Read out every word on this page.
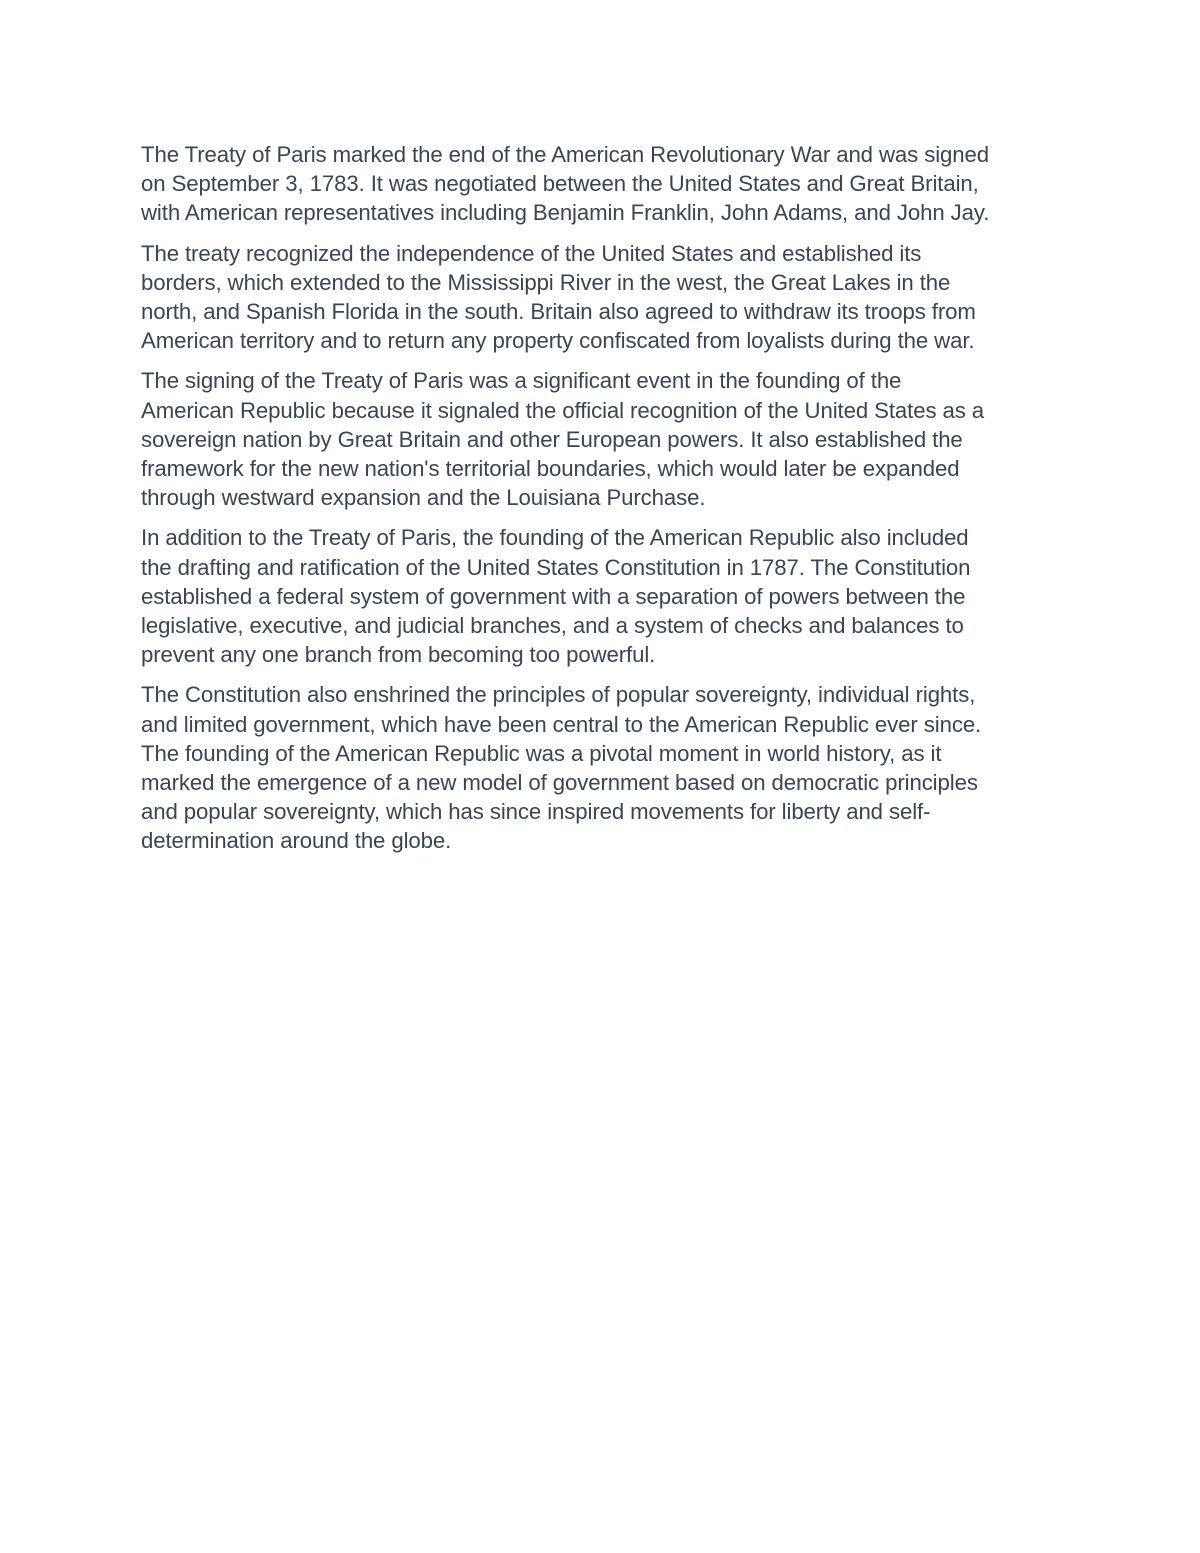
The Treaty of Paris marked the end of the American Revolutionary War and was signed
on September 3, 1783. It was negotiated between the United States and Great Britain,
with American representatives including Benjamin Franklin, John Adams, and John Jay.

The treaty recognized the independence of the United States and established its
borders, which extended to the Mississippi River in the west, the Great Lakes in the
north, and Spanish Florida in the south. Britain also agreed to withdraw its troops from
American territory and to return any property confiscated from loyalists during the war.

The signing of the Treaty of Paris was a significant event in the founding of the
American Republic because it signaled the official recognition of the United States as a
sovereign nation by Great Britain and other European powers. It also established the
framework for the new nation's territorial boundaries, which would later be expanded
through westward expansion and the Louisiana Purchase.

In addition to the Treaty of Paris, the founding of the American Republic also included
the drafting and ratification of the United States Constitution in 1787. The Constitution
established a federal system of government with a separation of powers between the
legislative, executive, and judicial branches, and a system of checks and balances to
prevent any one branch from becoming too powerful.

The Constitution also enshrined the principles of popular sovereignty, individual rights,
and limited government, which have been central to the American Republic ever since.
The founding of the American Republic was a pivotal moment in world history, as it
marked the emergence of a new model of government based on democratic principles
and popular sovereignty, which has since inspired movements for liberty and self-
determination around the globe.
